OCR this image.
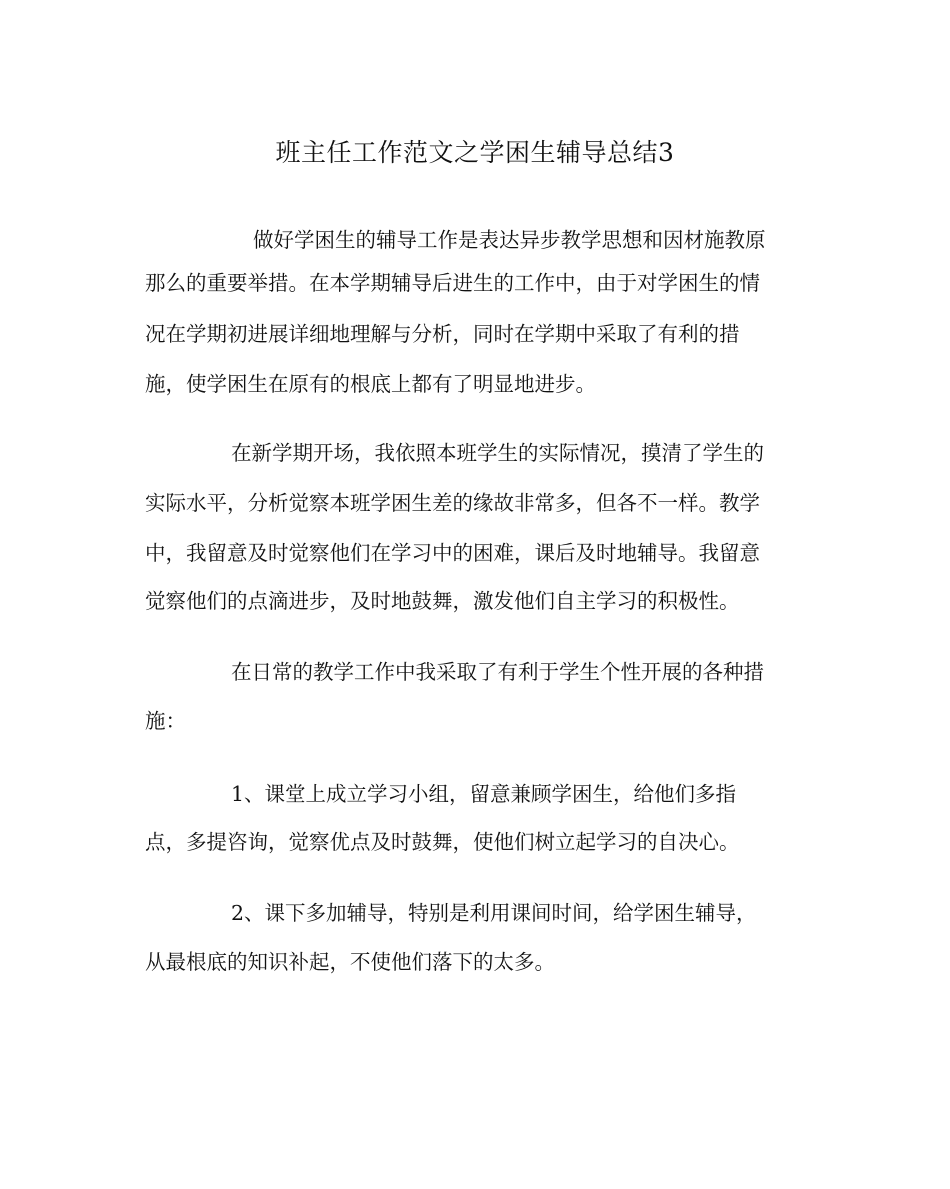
班主任工作范文之学困生辅导总结3

做好学困生的辅导工作是表达异步教学思想和因材施教原

那么的重要举措。在本学期辅导后进生的工作中，由于对学困生的情

况在学期初进展详细地理解与分析，同时在学期中采取了有利的措

施，使学困生在原有的根底上都有了明显地进步。

在新学期开场，我依照本班学生的实际情况，摸清了学生的

实际水平，分析觉察本班学困生差的缘故非常多，但各不一样。教学

中，我留意及时觉察他们在学习中的困难，课后及时地辅导。我留意

觉察他们的点滴进步，及时地鼓舞，激发他们自主学习的积极性。

在日常的教学工作中我采取了有利于学生个性开展的各种措

施：

1、课堂上成立学习小组，留意兼顾学困生，给他们多指

点，多提咨询，觉察优点及时鼓舞，使他们树立起学习的自决心。

2、课下多加辅导，特别是利用课间时间，给学困生辅导，

从最根底的知识补起，不使他们落下的太多。
